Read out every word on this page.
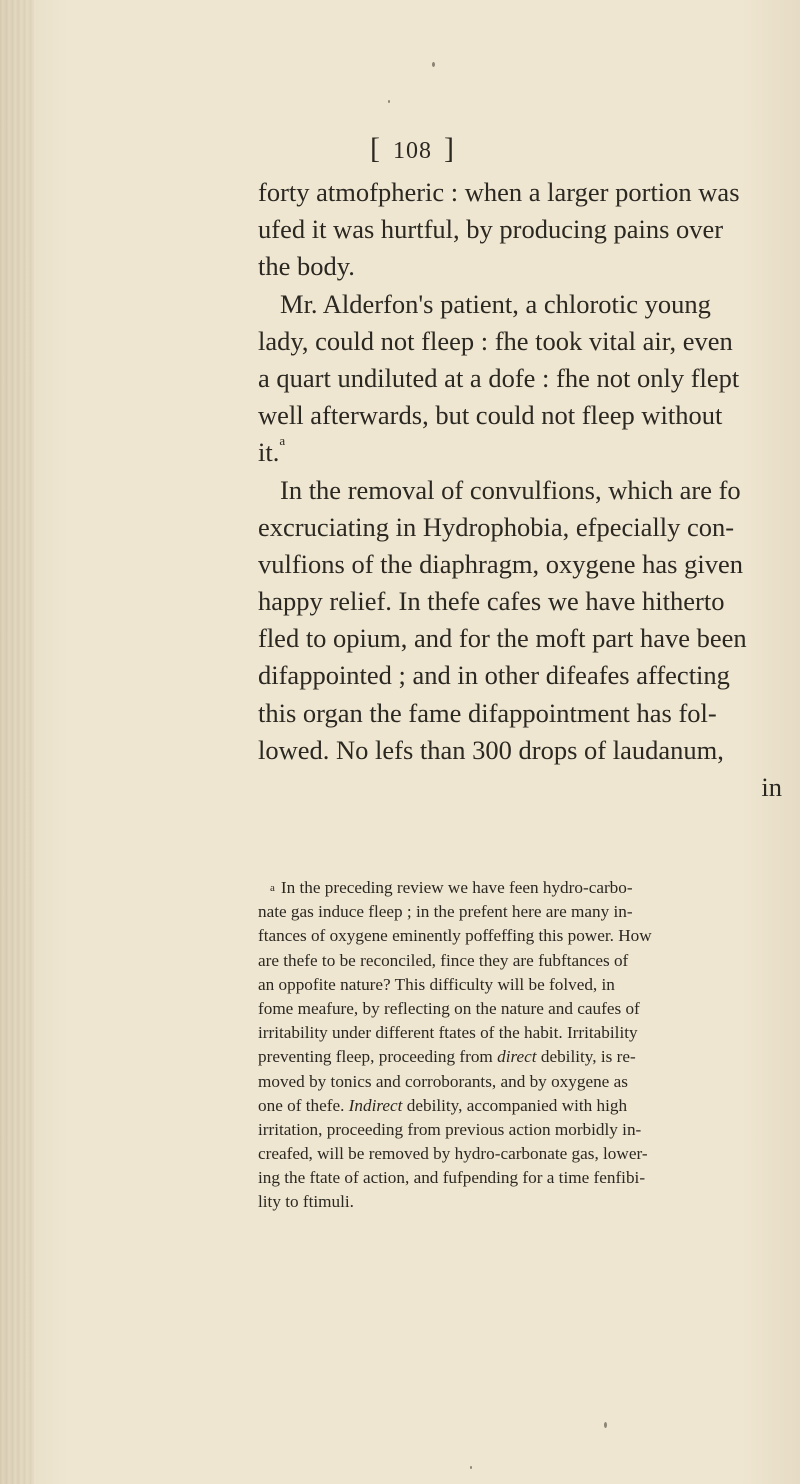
[ 108 ]
forty atmofpheric : when a larger portion was
ufed it was hurtful, by producing pains over
the body.
Mr. Alderfon's patient, a chlorotic young
lady, could not fleep : fhe took vital air, even
a quart undiluted at a dofe : fhe not only flept
well afterwards, but could not fleep without
it.$^a$
In the removal of convulfions, which are fo
excruciating in Hydrophobia, efpecially con-
vulfions of the diaphragm, oxygene has given
happy relief. In thefe cafes we have hitherto
fled to opium, and for the moft part have been
difappointed ; and in other difeafes affecting
this organ the fame difappointment has fol-
lowed. No lefs than 300 drops of laudanum,
in
$^a$ In the preceding review we have feen hydro-carbo-
nate gas induce fleep ; in the prefent here are many in-
ftances of oxygene eminently poffeffing this power. How
are thefe to be reconciled, fince they are fubftances of
an oppofite nature? This difficulty will be folved, in
fome meafure, by reflecting on the nature and caufes of
irritability under different ftates of the habit. Irritability
preventing fleep, proceeding from direct debility, is re-
moved by tonics and corroborants, and by oxygene as
one of thefe. Indirect debility, accompanied with high
irritation, proceeding from previous action morbidly in-
creafed, will be removed by hydro-carbonate gas, lower-
ing the ftate of action, and fufpending for a time fenfibi-
lity to ftimuli.
